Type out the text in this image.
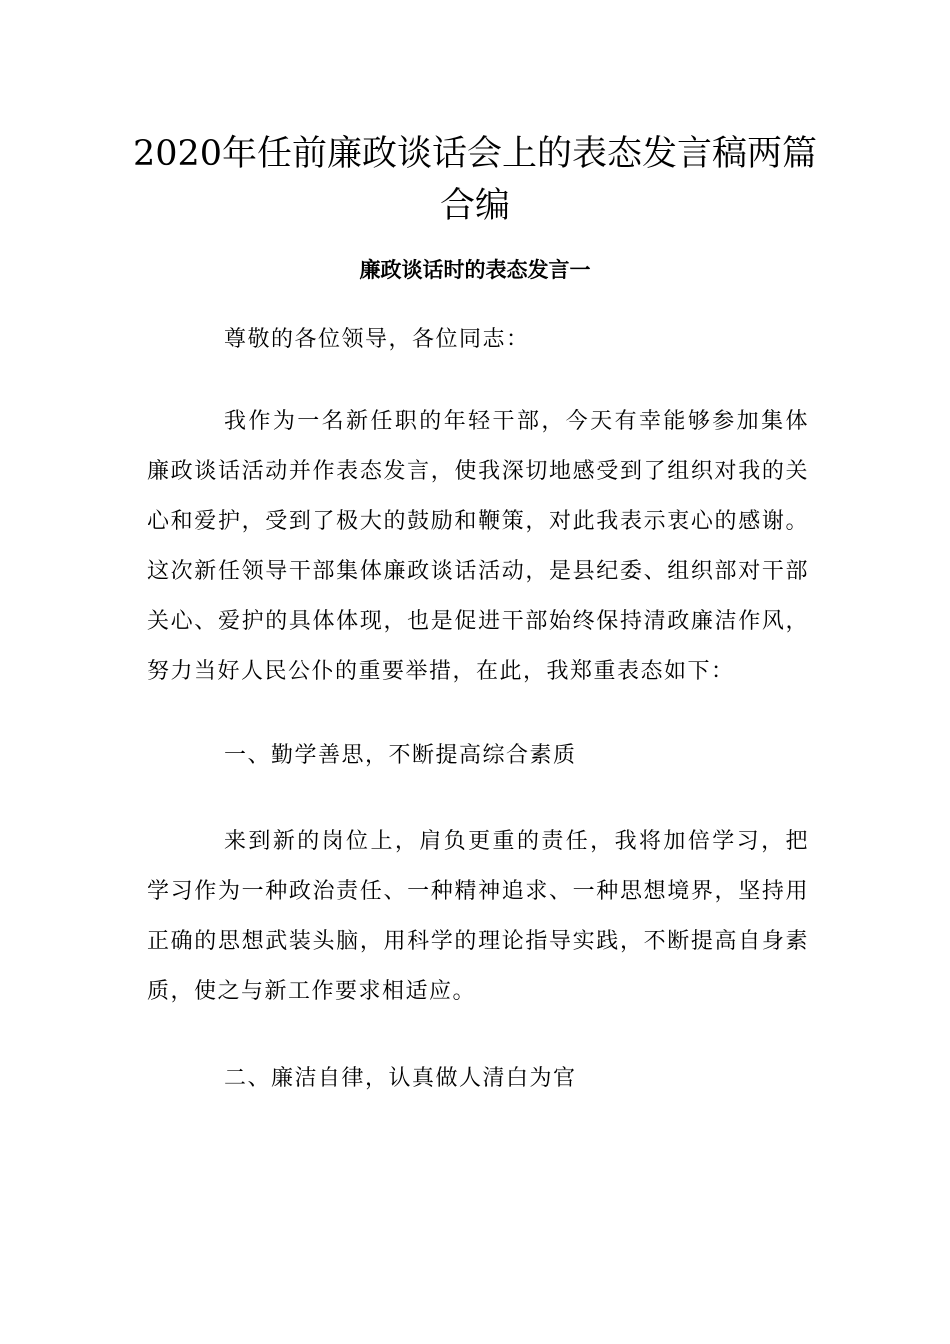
2020年任前廉政谈话会上的表态发言稿两篇合编
廉政谈话时的表态发言一

尊敬的各位领导，各位同志：

我作为一名新任职的年轻干部，今天有幸能够参加集体廉政谈话活动并作表态发言，使我深切地感受到了组织对我的关心和爱护，受到了极大的鼓励和鞭策，对此我表示衷心的感谢。这次新任领导干部集体廉政谈话活动，是县纪委、组织部对干部关心、爱护的具体体现，也是促进干部始终保持清政廉洁作风，努力当好人民公仆的重要举措，在此，我郑重表态如下：

一、勤学善思，不断提高综合素质

来到新的岗位上，肩负更重的责任，我将加倍学习，把学习作为一种政治责任、一种精神追求、一种思想境界，坚持用正确的思想武装头脑，用科学的理论指导实践，不断提高自身素质，使之与新工作要求相适应。

二、廉洁自律，认真做人清白为官
